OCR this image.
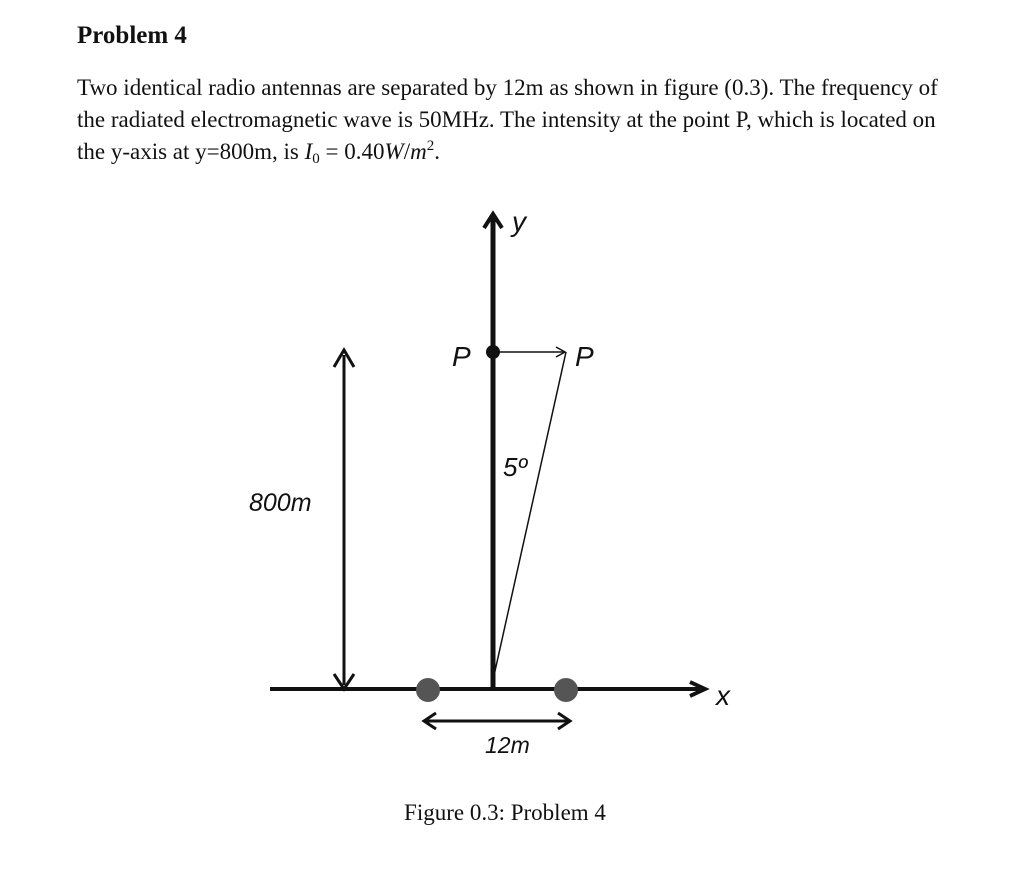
Problem 4

Two identical radio antennas are separated by 12m as shown in figure (0.3). The frequency of the radiated electromagnetic wave is 50MHz. The intensity at the point P, which is located on the y-axis at y=800m, is $I_0 = 0.40W/m^2$.

x
y
P	P
5º
800m
12m

Figure 0.3: Problem 4
